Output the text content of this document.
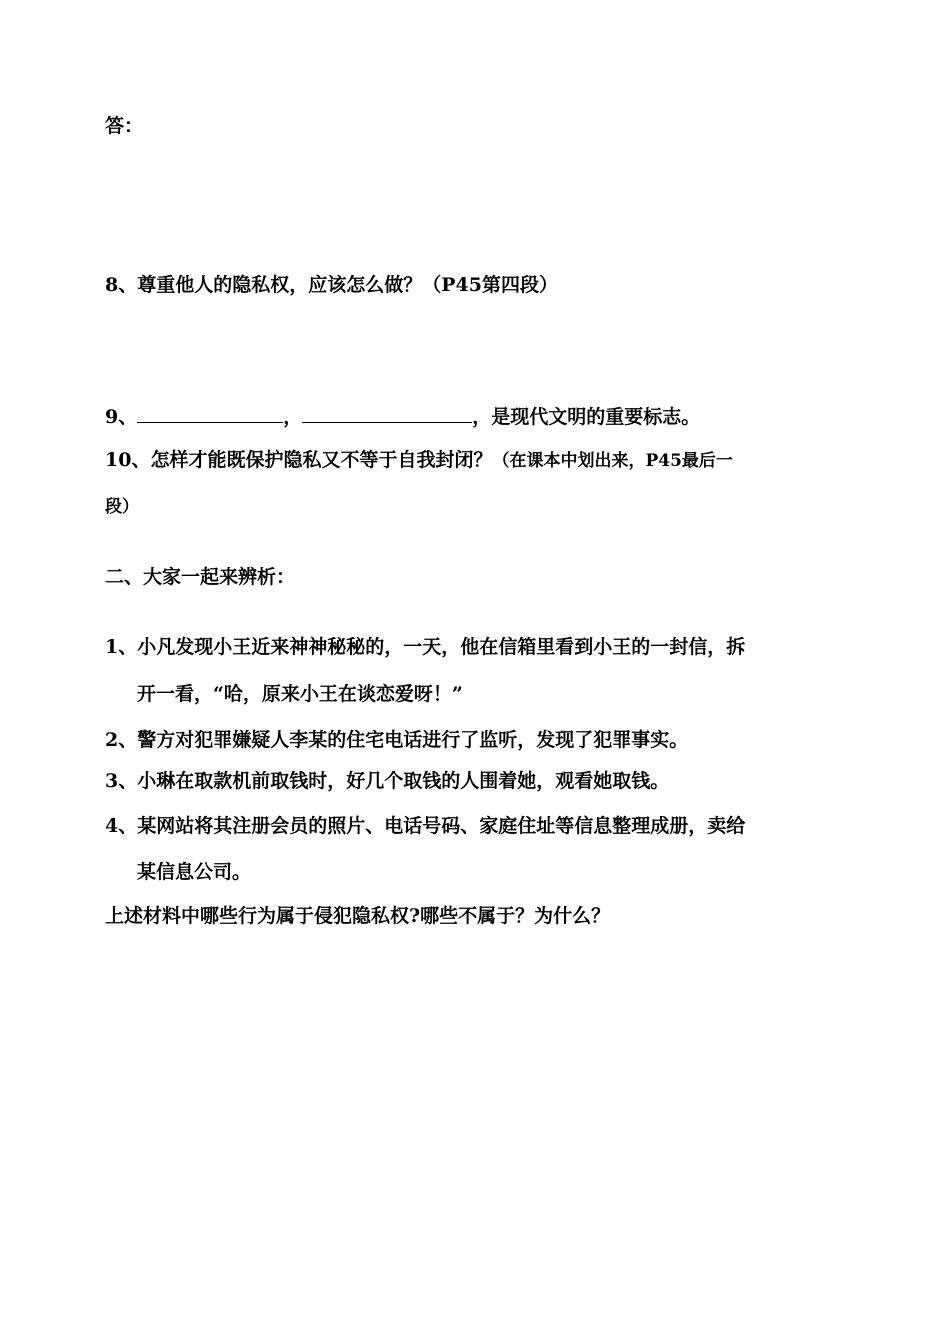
答：
8、尊重他人的隐私权，应该怎么做？（P45第四段）
9、	，	，是现代文明的重要标志。
10、怎样才能既保护隐私又不等于自我封闭？（在课本中划出来，P45最后一
段）
二、大家一起来辨析：
1、小凡发现小王近来神神秘秘的，一天，他在信箱里看到小王的一封信，拆
开一看，“哈，原来小王在谈恋爱呀！”
2、警方对犯罪嫌疑人李某的住宅电话进行了监听，发现了犯罪事实。
3、小琳在取款机前取钱时，好几个取钱的人围着她，观看她取钱。
4、某网站将其注册会员的照片、电话号码、家庭住址等信息整理成册，卖给
某信息公司。
上述材料中哪些行为属于侵犯隐私权?哪些不属于？为什么？
